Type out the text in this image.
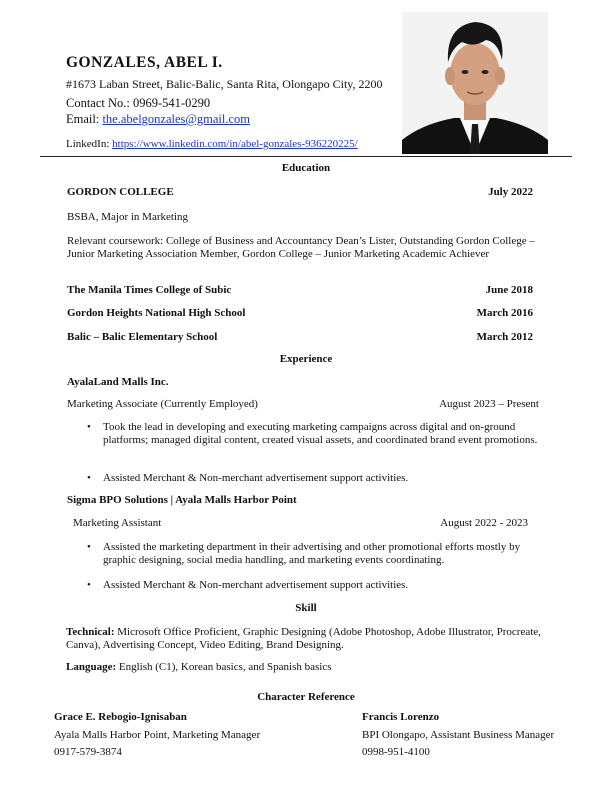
GONZALES, ABEL I.
#1673 Laban Street, Balic-Balic, Santa Rita, Olongapo City, 2200
Contact No.: 0969-541-0290
Email: the.abelgonzales@gmail.com
LinkedIn: https://www.linkedin.com/in/abel-gonzales-936220225/
Education
GORDON COLLEGE	July 2022
BSBA, Major in Marketing
Relevant coursework: College of Business and Accountancy Dean’s Lister, Outstanding Gordon College – Junior Marketing Association Member, Gordon College – Junior Marketing Academic Achiever
The Manila Times College of Subic	June 2018
Gordon Heights National High School	March 2016
Balic – Balic Elementary School	March 2012
Experience
AyalaLand Malls Inc.
Marketing Associate (Currently Employed)	August 2023 – Present
• Took the lead in developing and executing marketing campaigns across digital and on-ground platforms; managed digital content, created visual assets, and coordinated brand event promotions.
• Assisted Merchant & Non-merchant advertisement support activities.
Sigma BPO Solutions | Ayala Malls Harbor Point
Marketing Assistant	August 2022 - 2023
• Assisted the marketing department in their advertising and other promotional efforts mostly by graphic designing, social media handling, and marketing events coordinating.
• Assisted Merchant & Non-merchant advertisement support activities.
Skill
Technical: Microsoft Office Proficient, Graphic Designing (Adobe Photoshop, Adobe Illustrator, Procreate, Canva), Advertising Concept, Video Editing, Brand Designing.
Language: English (C1), Korean basics, and Spanish basics
Character Reference
Grace E. Rebogio-Ignisaban
Ayala Malls Harbor Point, Marketing Manager
0917-579-3874
Francis Lorenzo
BPI Olongapo, Assistant Business Manager
0998-951-4100
